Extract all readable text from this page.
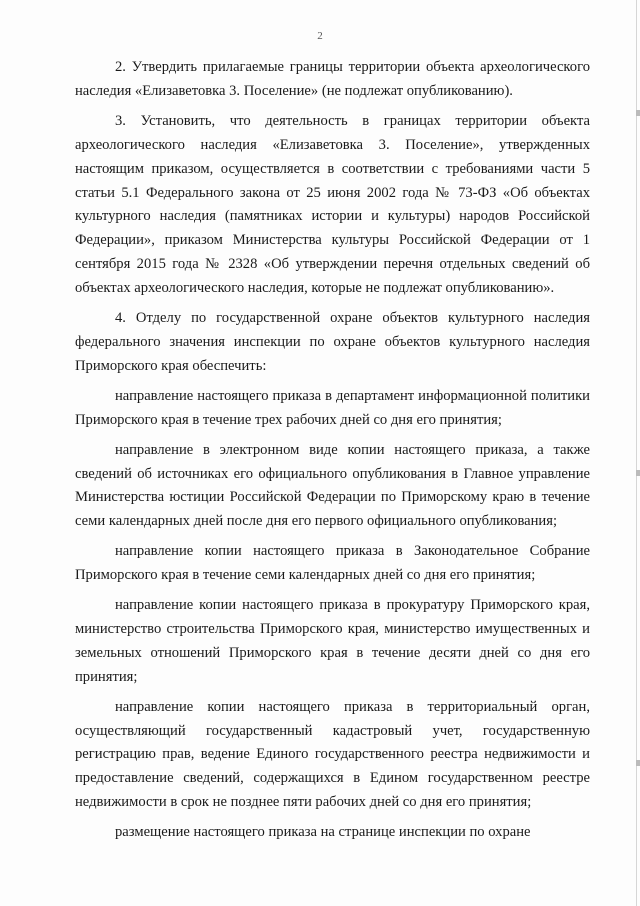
2

2. Утвердить прилагаемые границы территории объекта археологического наследия «Елизаветовка 3. Поселение» (не подлежат опубликованию).

3. Установить, что деятельность в границах территории объекта археологического наследия «Елизаветовка 3. Поселение», утвержденных настоящим приказом, осуществляется в соответствии с требованиями части 5 статьи 5.1 Федерального закона от 25 июня 2002 года № 73-ФЗ «Об объектах культурного наследия (памятниках истории и культуры) народов Российской Федерации», приказом Министерства культуры Российской Федерации от 1 сентября 2015 года № 2328 «Об утверждении перечня отдельных сведений об объектах археологического наследия, которые не подлежат опубликованию».

4. Отделу по государственной охране объектов культурного наследия федерального значения инспекции по охране объектов культурного наследия Приморского края обеспечить:

направление настоящего приказа в департамент информационной политики Приморского края в течение трех рабочих дней со дня его принятия;

направление в электронном виде копии настоящего приказа, а также сведений об источниках его официального опубликования в Главное управление Министерства юстиции Российской Федерации по Приморскому краю в течение семи календарных дней после дня его первого официального опубликования;

направление копии настоящего приказа в Законодательное Собрание Приморского края в течение семи календарных дней со дня его принятия;

направление копии настоящего приказа в прокуратуру Приморского края, министерство строительства Приморского края, министерство имущественных и земельных отношений Приморского края в течение десяти дней со дня его принятия;

направление копии настоящего приказа в территориальный орган, осуществляющий государственный кадастровый учет, государственную регистрацию прав, ведение Единого государственного реестра недвижимости и предоставление сведений, содержащихся в Едином государственном реестре недвижимости в срок не позднее пяти рабочих дней со дня его принятия;

размещение настоящего приказа на странице инспекции по охране
